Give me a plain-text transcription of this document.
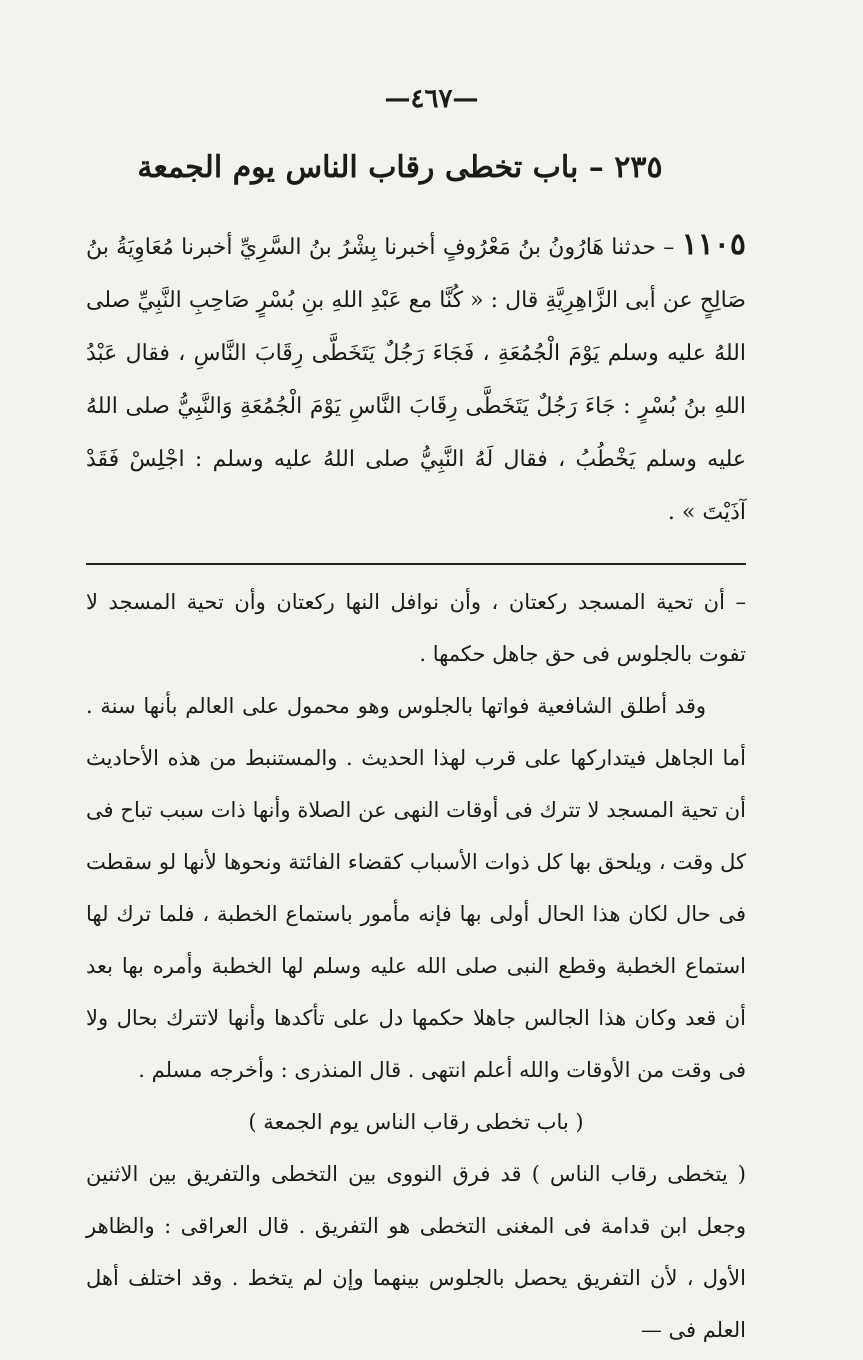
—٤٦٧—
٢٣٥ – باب تخطى رقاب الناس يوم الجمعة
١١٠٥ – حدثنا هَارُونُ بنُ مَعْرُوفٍ أخبرنا بِشْرُ بنُ السَّرِيِّ أخبرنا مُعَاوِيَةُ بنُ صَالِحٍ عن أبى الزَّاهِرِيَّةِ قال : « كُنَّا مع عَبْدِ اللهِ بنِ بُسْرٍ صَاحِبِ النَّبِيِّ صلى اللهُ عليه وسلم يَوْمَ الْجُمُعَةِ ، فَجَاءَ رَجُلٌ يَتَخَطَّى رِقَابَ النَّاسِ ، فقال عَبْدُ اللهِ بنُ بُسْرٍ : جَاءَ رَجُلٌ يَتَخَطَّى رِقَابَ النَّاسِ يَوْمَ الْجُمُعَةِ وَالنَّبِيُّ صلى اللهُ عليه وسلم يَخْطُبُ ، فقال لَهُ النَّبِيُّ صلى اللهُ عليه وسلم : اجْلِسْ فَقَدْ آذَيْتَ » .

– أن تحية المسجد ركعتان ، وأن نوافل النها ركعتان وأن تحية المسجد لا تفوت بالجلوس فى حق جاهل حكمها .

وقد أطلق الشافعية فواتها بالجلوس وهو محمول على العالم بأنها سنة . أما الجاهل فيتداركها على قرب لهذا الحديث . والمستنبط من هذه الأحاديث أن تحية المسجد لا تترك فى أوقات النهى عن الصلاة وأنها ذات سبب تباح فى كل وقت ، ويلحق بها كل ذوات الأسباب كقضاء الفائتة ونحوها لأنها لو سقطت فى حال لكان هذا الحال أولى بها فإنه مأمور باستماع الخطبة ، فلما ترك لها استماع الخطبة وقطع النبى صلى الله عليه وسلم لها الخطبة وأمره بها بعد أن قعد وكان هذا الجالس جاهلا حكمها دل على تأكدها وأنها لاتترك بحال ولا فى وقت من الأوقات والله أعلم انتهى . قال المنذرى : وأخرجه مسلم .

( باب تخطى رقاب الناس يوم الجمعة )

( يتخطى رقاب الناس ) قد فرق النووى بين التخطى والتفريق بين الاثنين وجعل ابن قدامة فى المغنى التخطى هو التفريق . قال العراقى : والظاهر الأول ، لأن التفريق يحصل بالجلوس بينهما وإن لم يتخط . وقد اختلف أهل العلم فى —
